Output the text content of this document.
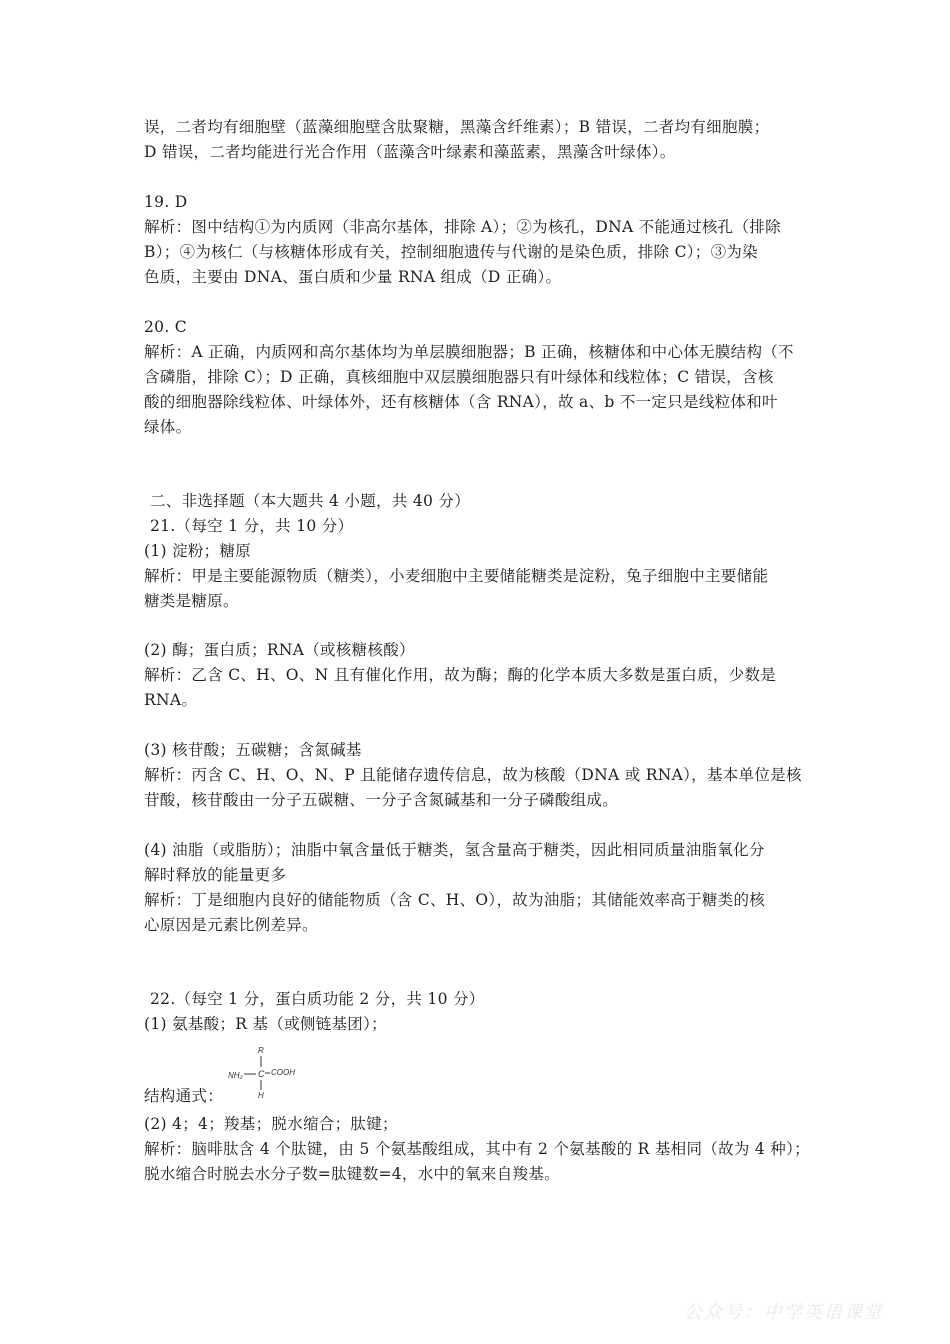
误，二者均有细胞壁（蓝藻细胞壁含肽聚糖，黑藻含纤维素）；B 错误，二者均有细胞膜；
D 错误，二者均能进行光合作用（蓝藻含叶绿素和藻蓝素，黑藻含叶绿体）。
19. D
解析：图中结构①为内质网（非高尔基体，排除 A）；②为核孔，DNA 不能通过核孔（排除
B）；④为核仁（与核糖体形成有关，控制细胞遗传与代谢的是染色质，排除 C）；③为染
色质，主要由 DNA、蛋白质和少量 RNA 组成（D 正确）。
20. C
解析：A 正确，内质网和高尔基体均为单层膜细胞器；B 正确，核糖体和中心体无膜结构（不
含磷脂，排除 C）；D 正确，真核细胞中双层膜细胞器只有叶绿体和线粒体；C 错误，含核
酸的细胞器除线粒体、叶绿体外，还有核糖体（含 RNA），故 a、b 不一定只是线粒体和叶
绿体。
二、非选择题（本大题共 4 小题，共 40 分）
21.（每空 1 分，共 10 分）
(1) 淀粉；糖原
解析：甲是主要能源物质（糖类），小麦细胞中主要储能糖类是淀粉，兔子细胞中主要储能
糖类是糖原。
(2) 酶；蛋白质；RNA（或核糖核酸）
解析：乙含 C、H、O、N 且有催化作用，故为酶；酶的化学本质大多数是蛋白质，少数是
RNA。
(3) 核苷酸；五碳糖；含氮碱基
解析：丙含 C、H、O、N、P 且能储存遗传信息，故为核酸（DNA 或 RNA），基本单位是核
苷酸，核苷酸由一分子五碳糖、一分子含氮碱基和一分子磷酸组成。
(4) 油脂（或脂肪）；油脂中氧含量低于糖类，氢含量高于糖类，因此相同质量油脂氧化分
解时释放的能量更多
解析：丁是细胞内良好的储能物质（含 C、H、O），故为油脂；其储能效率高于糖类的核
心原因是元素比例差异。
22.（每空 1 分，蛋白质功能 2 分，共 10 分）
(1) 氨基酸；R 基（或侧链基团）；
R
NH₂ C COOH
H
结构通式：
(2) 4；4；羧基；脱水缩合；肽键；
解析：脑啡肽含 4 个肽键，由 5 个氨基酸组成，其中有 2 个氨基酸的 R 基相同（故为 4 种）；
脱水缩合时脱去水分子数=肽键数=4，水中的氧来自羧基。
公众号：中学英语课堂
